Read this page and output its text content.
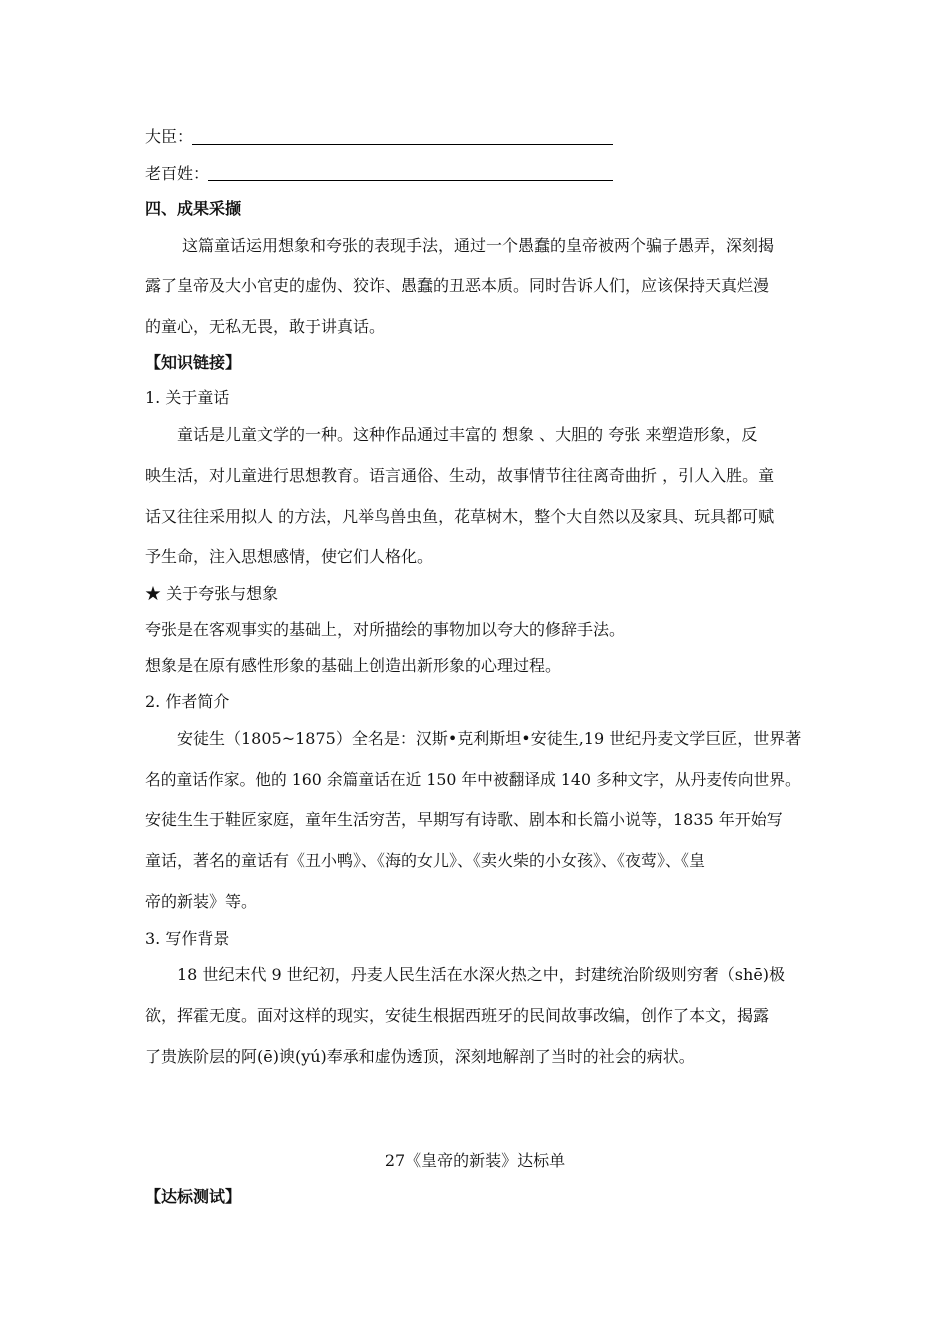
大臣：
老百姓：
四、成果采撷
这篇童话运用想象和夸张的表现手法，通过一个愚蠢的皇帝被两个骗子愚弄，深刻揭
露了皇帝及大小官吏的虚伪、狡诈、愚蠢的丑恶本质。同时告诉人们，应该保持天真烂漫
的童心，无私无畏，敢于讲真话。
【知识链接】
1. 关于童话
童话是儿童文学的一种。这种作品通过丰富的 想象 、大胆的 夸张 来塑造形象，反
映生活，对儿童进行思想教育。语言通俗、生动，故事情节往往离奇曲折 ，引人入胜。童
话又往往采用拟人 的方法，凡举鸟兽虫鱼，花草树木，整个大自然以及家具、玩具都可赋
予生命，注入思想感情，使它们人格化。
★ 关于夸张与想象
夸张是在客观事实的基础上，对所描绘的事物加以夸大的修辞手法。
想象是在原有感性形象的基础上创造出新形象的心理过程。
2. 作者简介
安徒生（1805~1875）全名是：汉斯•克利斯坦•安徒生,19 世纪丹麦文学巨匠，世界著
名的童话作家。他的 160 余篇童话在近 150 年中被翻译成 140 多种文字，从丹麦传向世界。
安徒生生于鞋匠家庭，童年生活穷苦，早期写有诗歌、剧本和长篇小说等，1835 年开始写
童话，著名的童话有《丑小鸭》、《海的女儿》、《卖火柴的小女孩》、《夜莺》、《皇
帝的新装》等。
3. 写作背景
18 世纪末代 9 世纪初，丹麦人民生活在水深火热之中，封建统治阶级则穷奢（shē)极
欲，挥霍无度。面对这样的现实，安徒生根据西班牙的民间故事改编，创作了本文，揭露
了贵族阶层的阿(ē)谀(yú)奉承和虚伪透顶，深刻地解剖了当时的社会的病状。
27《皇帝的新装》达标单
【达标测试】
